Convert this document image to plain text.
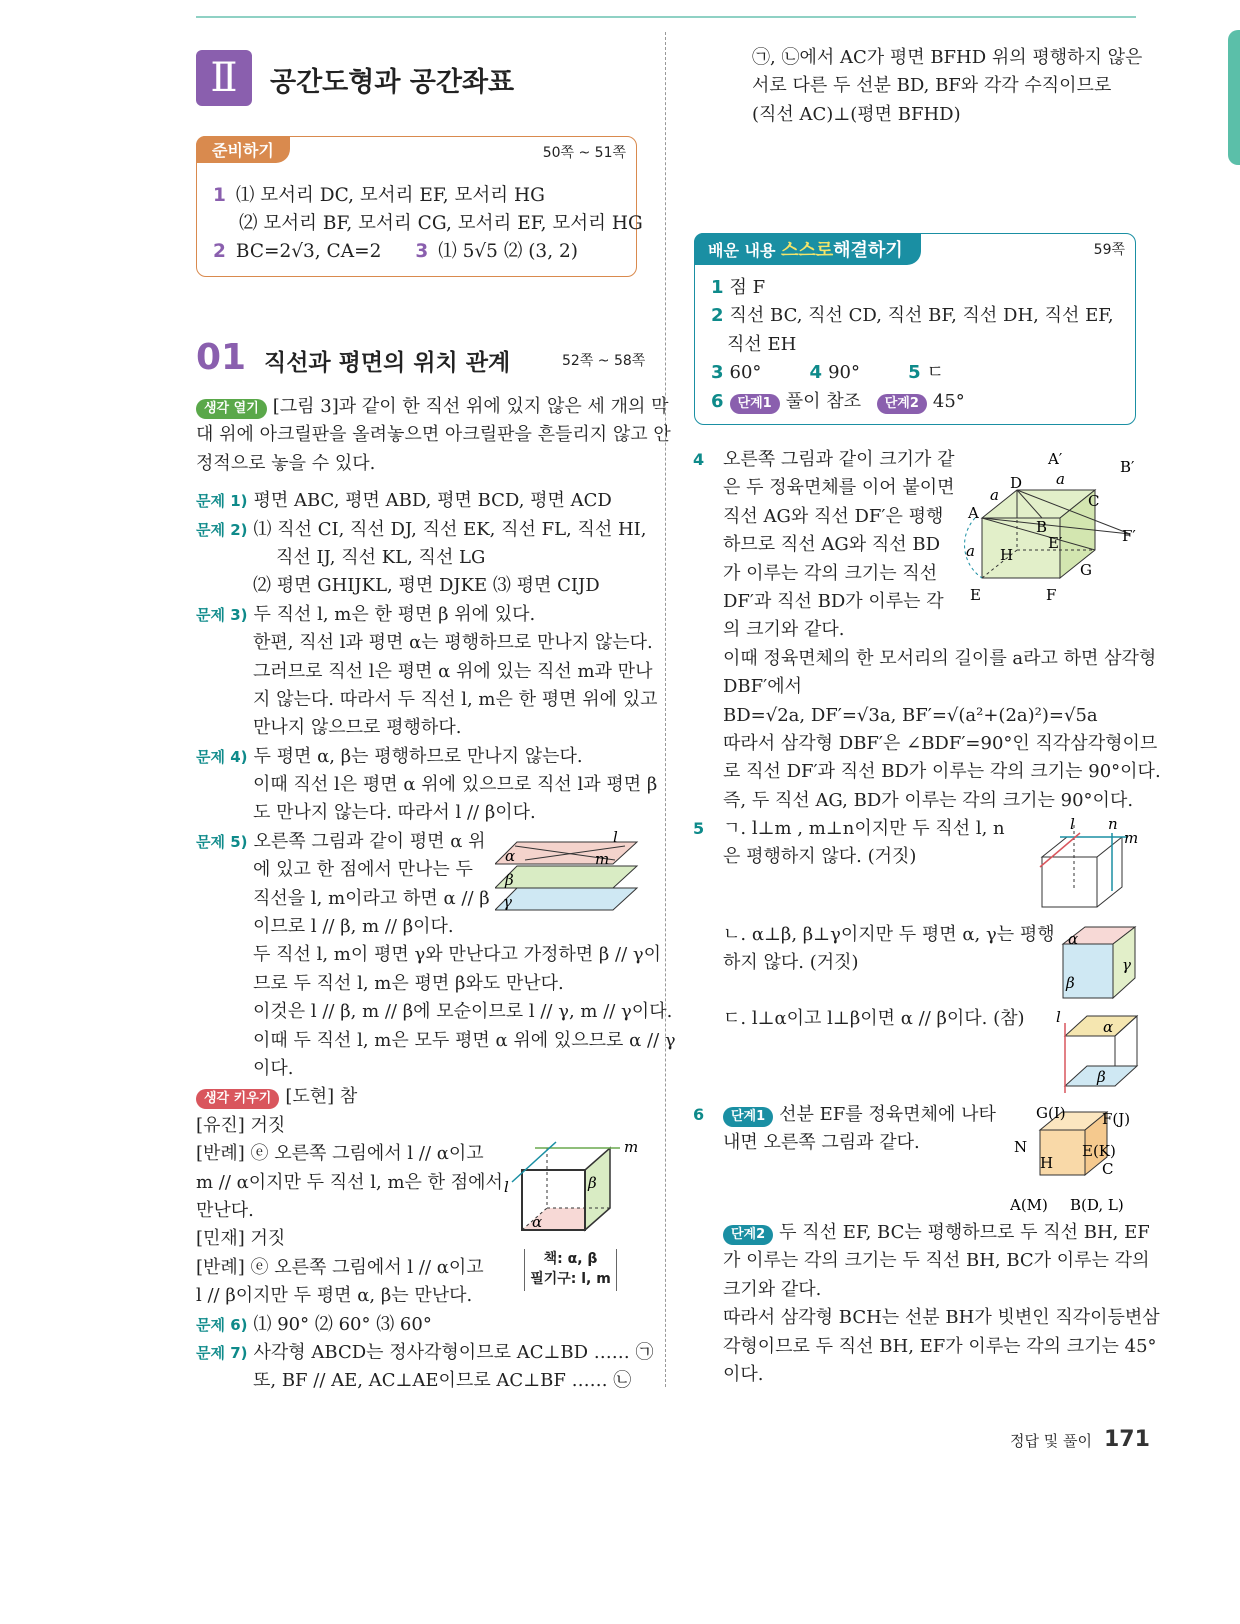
Ⅱ	공간도형과 공간좌표
준비하기	50쪽 ~ 51쪽
1 ⑴ 모서리 DC, 모서리 EF, 모서리 HG
⑵ 모서리 BF, 모서리 CG, 모서리 EF, 모서리 HG
2 BC=2√3, CA=2 3 ⑴ 5√5 ⑵ (3, 2)
01 직선과 평면의 위치 관계	52쪽 ~ 58쪽
생각 열기 [그림 3]과 같이 한 직선 위에 있지 않은 세 개의 막
대 위에 아크릴판을 올려놓으면 아크릴판을 흔들리지 않고 안
정적으로 놓을 수 있다.
문제 1) 평면 ABC, 평면 ABD, 평면 BCD, 평면 ACD
문제 2) ⑴ 직선 CI, 직선 DJ, 직선 EK, 직선 FL, 직선 HI,
직선 IJ, 직선 KL, 직선 LG
⑵ 평면 GHIJKL, 평면 DJKE ⑶ 평면 CIJD
문제 3) 두 직선 l, m은 한 평면 β 위에 있다.
한편, 직선 l과 평면 α는 평행하므로 만나지 않는다.
그러므로 직선 l은 평면 α 위에 있는 직선 m과 만나
지 않는다. 따라서 두 직선 l, m은 한 평면 위에 있고
만나지 않으므로 평행하다.
문제 4) 두 평면 α, β는 평행하므로 만나지 않는다.
이때 직선 l은 평면 α 위에 있으므로 직선 l과 평면 β
도 만나지 않는다. 따라서 l // β이다.
문제 5) 오른쪽 그림과 같이 평면 α 위
에 있고 한 점에서 만나는 두
직선을 l, m이라고 하면 α // β
이므로 l // β, m // β이다.
두 직선 l, m이 평면 γ와 만난다고 가정하면 β // γ이
므로 두 직선 l, m은 평면 β와도 만난다.
이것은 l // β, m // β에 모순이므로 l // γ, m // γ이다.
이때 두 직선 l, m은 모두 평면 α 위에 있으므로 α // γ
이다.
생각 키우기 [도현] 참
[유진] 거짓
[반례] ⓔ 오른쪽 그림에서 l // α이고
m // α이지만 두 직선 l, m은 한 점에서
만난다.
[민재] 거짓
[반례] ⓔ 오른쪽 그림에서 l // α이고
l // β이지만 두 평면 α, β는 만난다.
문제 6) ⑴ 90° ⑵ 60° ⑶ 60°
문제 7) 사각형 ABCD는 정사각형이므로 AC⊥BD …… ㉠
또, BF // AE, AC⊥AE이므로 AC⊥BF …… ㉡
l
m
α
β
γ
m
l	β
α
책: α, β
필기구: l, m
㉠, ㉡에서 AC가 평면 BFHD 위의 평행하지 않은
서로 다른 두 선분 BD, BF와 각각 수직이므로
(직선 AC)⊥(평면 BFHD)
배운 내용 스스로해결하기	59쪽
1 점 F
2 직선 BC, 직선 CD, 직선 BF, 직선 DH, 직선 EF,
직선 EH
3 60°	4 90°	5 ㄷ
6 단계1 풀이 참조 단계2 45°
4 오른쪽 그림과 같이 크기가 같
은 두 정육면체를 이어 붙이면
직선 AG와 직선 DF′은 평행
하므로 직선 AG와 직선 BD
가 이루는 각의 크기는 직선
DF′과 직선 BD가 이루는 각
의 크기와 같다.
이때 정육면체의 한 모서리의 길이를 a라고 하면 삼각형
DBF′에서
BD=√2a, DF′=√3a, BF′=√(a²+(2a)²)=√5a
따라서 삼각형 DBF′은 ∠BDF′=90°인 직각삼각형이므
로 직선 DF′과 직선 BD가 이루는 각의 크기는 90°이다.
즉, 두 직선 AG, BD가 이루는 각의 크기는 90°이다.
5 ㄱ. l⊥m , m⊥n이지만 두 직선 l, n
은 평행하지 않다. (거짓)
ㄴ. α⊥β, β⊥γ이지만 두 평면 α, γ는 평행
하지 않다. (거짓)
ㄷ. l⊥α이고 l⊥β이면 α // β이다. (참)
6 단계1 선분 EF를 정육면체에 나타
내면 오른쪽 그림과 같다.
단계2 두 직선 EF, BC는 평행하므로 두 직선 BH, EF
가 이루는 각의 크기는 두 직선 BH, BC가 이루는 각의
크기와 같다.
따라서 삼각형 BCH는 선분 BH가 빗변인 직각이등변삼
각형이므로 두 직선 BH, EF가 이루는 각의 크기는 45°
이다.
A′	B′
D
a	C
A
B	F′
a H
E′
G
E	F
a
l n
m
α
γ
β
l
α
β
G(I) F(J)
N	E(K)
H	C
A(M) B(D, L)
정답 및 풀이 171
